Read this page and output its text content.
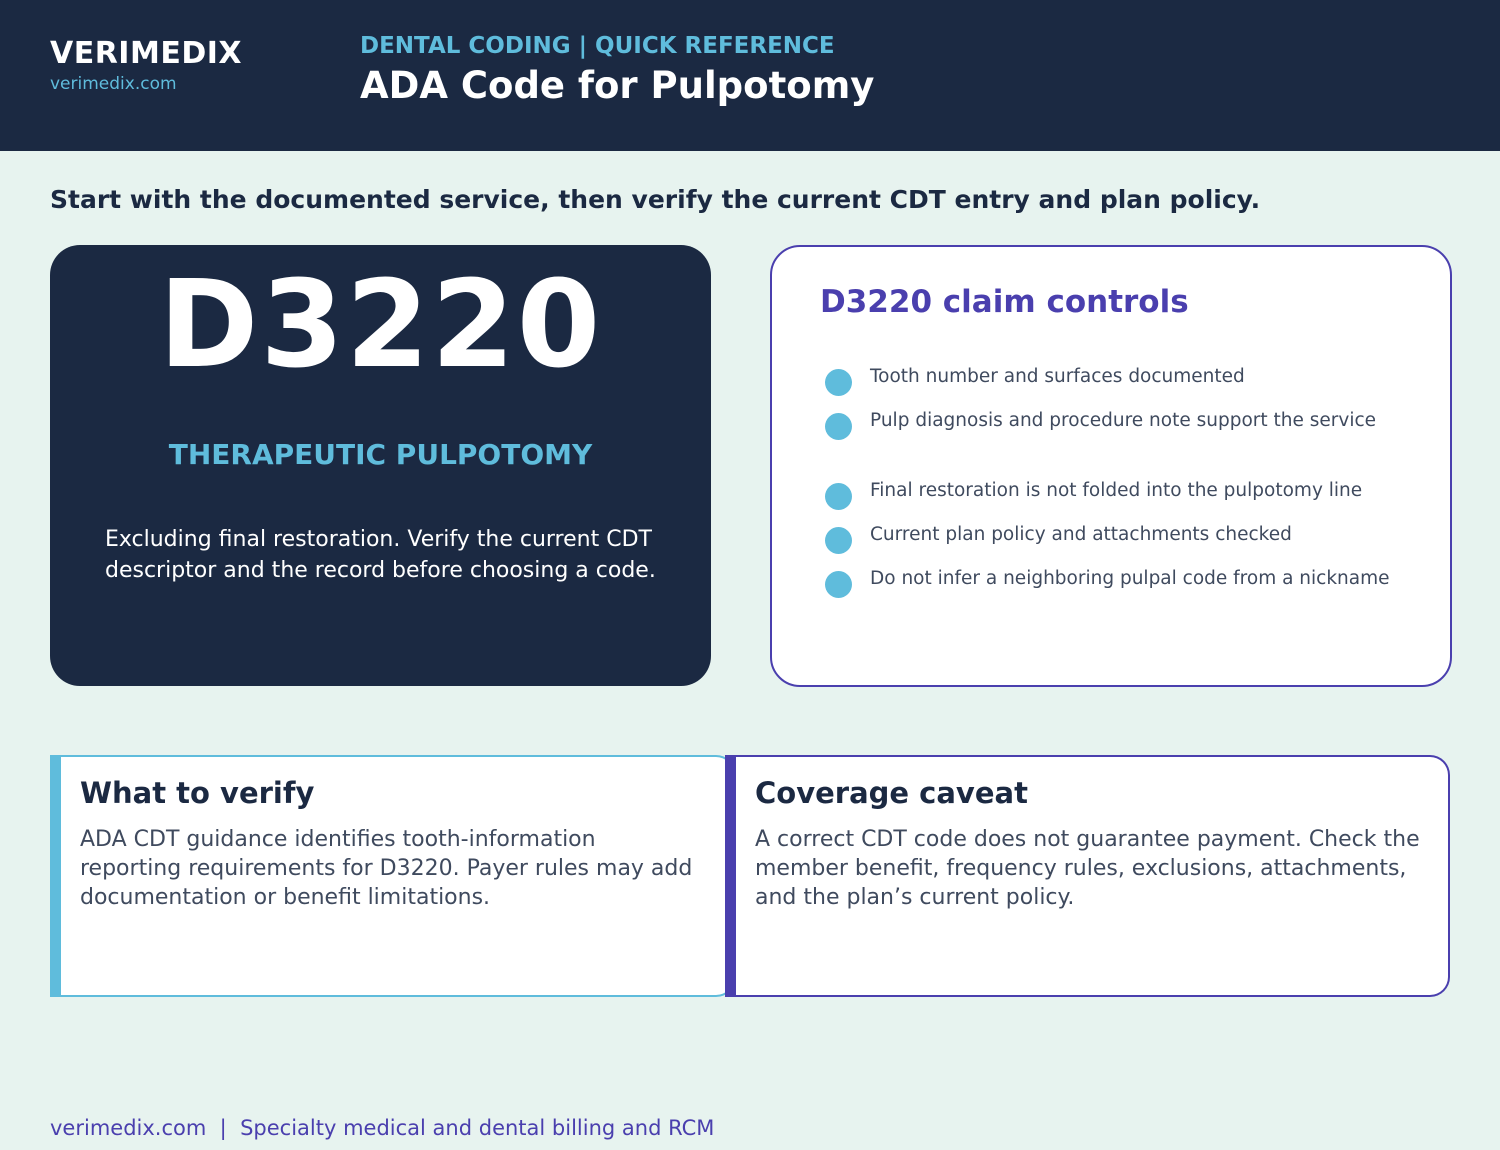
VERIMEDIX
verimedix.com
DENTAL CODING | QUICK REFERENCE
ADA Code for Pulpotomy
Start with the documented service, then verify the current CDT entry and plan policy.
D3220
THERAPEUTIC PULPOTOMY
Excluding final restoration. Verify the current CDT descriptor and the record before choosing a code.
D3220 claim controls
Tooth number and surfaces documented
Pulp diagnosis and procedure note support the service
Final restoration is not folded into the pulpotomy line
Current plan policy and attachments checked
Do not infer a neighboring pulpal code from a nickname
What to verify
ADA CDT guidance identifies tooth-information reporting requirements for D3220. Payer rules may add documentation or benefit limitations.
Coverage caveat
A correct CDT code does not guarantee payment. Check the member benefit, frequency rules, exclusions, attachments, and the plan’s current policy.
verimedix.com  |  Specialty medical and dental billing and RCM
